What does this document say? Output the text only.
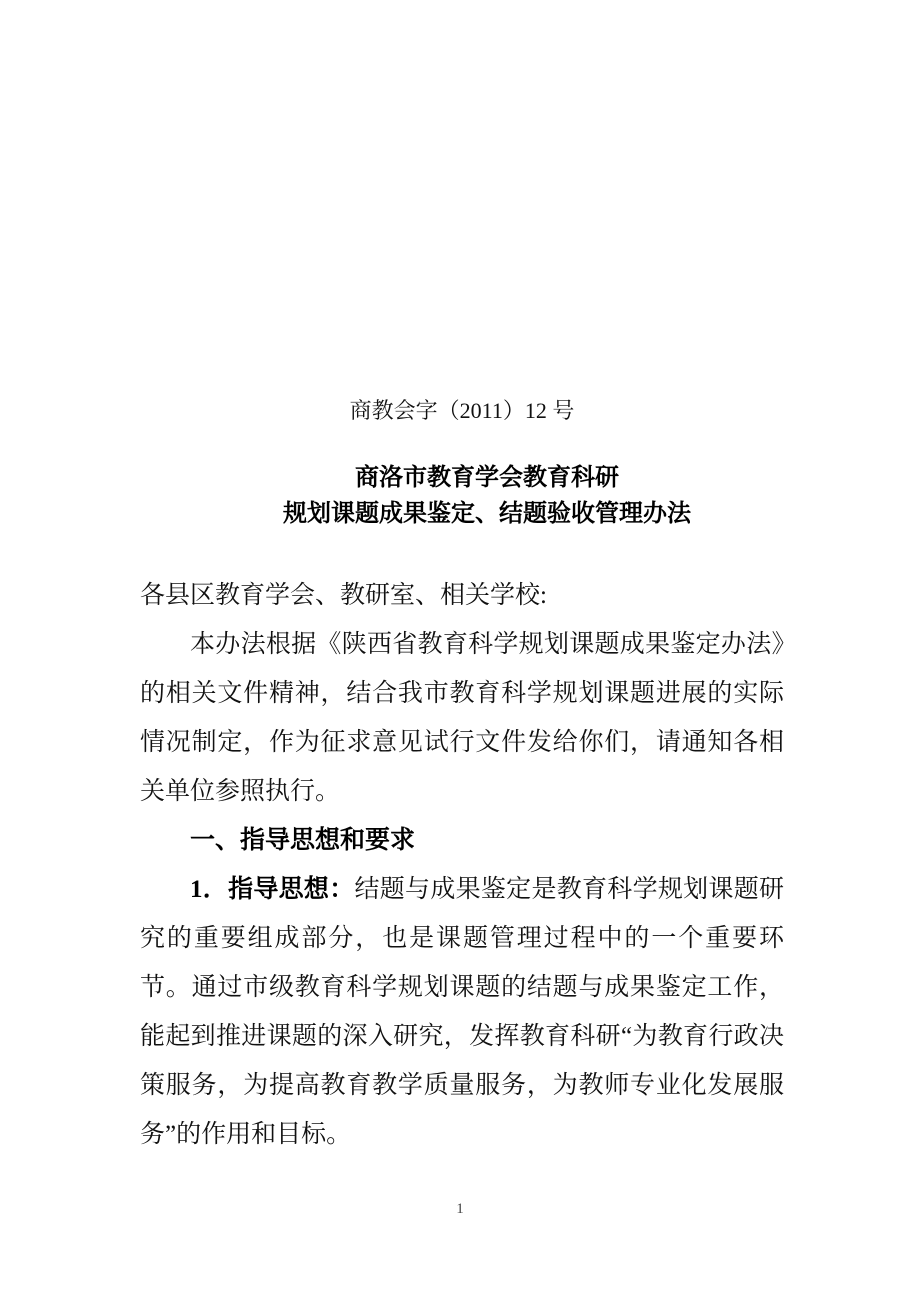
商教会字（2011）12 号
商洛市教育学会教育科研
规划课题成果鉴定、结题验收管理办法

各县区教育学会、教研室、相关学校:

本办法根据《陕西省教育科学规划课题成果鉴定办法》的相关文件精神，结合我市教育科学规划课题进展的实际情况制定，作为征求意见试行文件发给你们，请通知各相关单位参照执行。

一、指导思想和要求

1．指导思想：结题与成果鉴定是教育科学规划课题研究的重要组成部分，也是课题管理过程中的一个重要环节。通过市级教育科学规划课题的结题与成果鉴定工作，能起到推进课题的深入研究，发挥教育科研“为教育行政决策服务，为提高教育教学质量服务，为教师专业化发展服务”的作用和目标。

1
